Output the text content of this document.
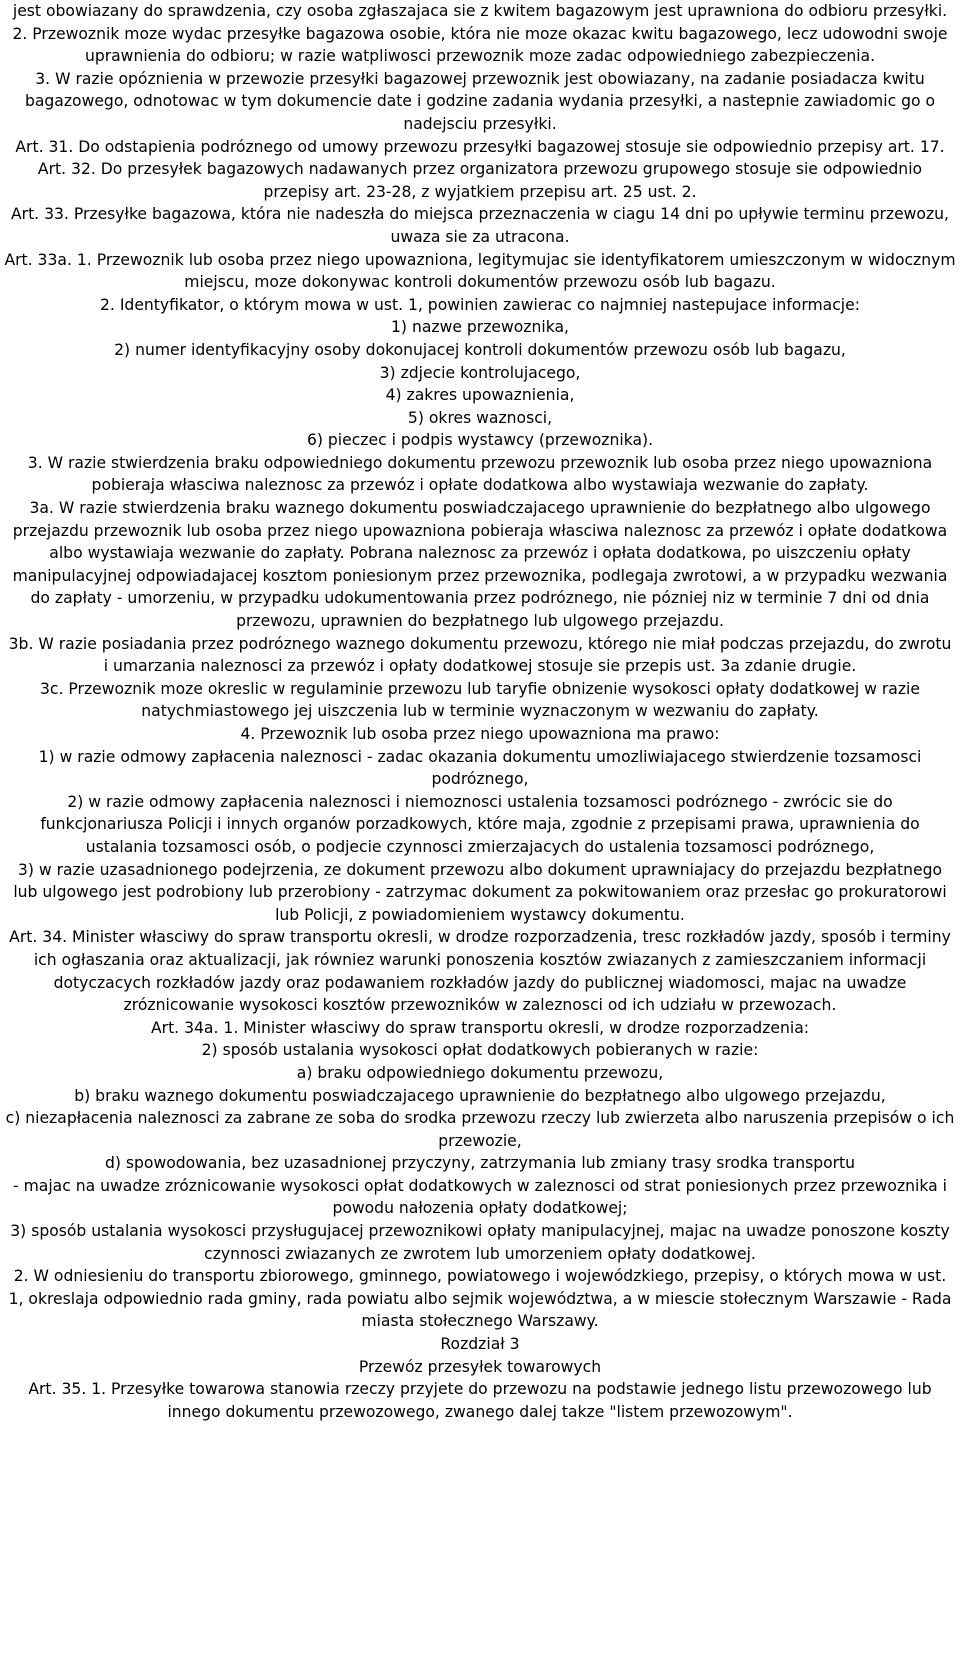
jest obowiazany do sprawdzenia, czy osoba zgłaszajaca sie z kwitem bagazowym jest uprawniona do odbioru przesyłki.

2. Przewoznik moze wydac przesyłke bagazowa osobie, która nie moze okazac kwitu bagazowego, lecz udowodni swoje uprawnienia do odbioru; w razie watpliwosci przewoznik moze zadac odpowiedniego zabezpieczenia.

3. W razie opóznienia w przewozie przesyłki bagazowej przewoznik jest obowiazany, na zadanie posiadacza kwitu bagazowego, odnotowac w tym dokumencie date i godzine zadania wydania przesyłki, a nastepnie zawiadomic go o nadejsciu przesyłki.

Art. 31. Do odstapienia podróznego od umowy przewozu przesyłki bagazowej stosuje sie odpowiednio przepisy art. 17.

Art. 32. Do przesyłek bagazowych nadawanych przez organizatora przewozu grupowego stosuje sie odpowiednio przepisy art. 23-28, z wyjatkiem przepisu art. 25 ust. 2.

Art. 33. Przesyłke bagazowa, która nie nadeszła do miejsca przeznaczenia w ciagu 14 dni po upływie terminu przewozu, uwaza sie za utracona.

Art. 33a. 1. Przewoznik lub osoba przez niego upowazniona, legitymujac sie identyfikatorem umieszczonym w widocznym miejscu, moze dokonywac kontroli dokumentów przewozu osób lub bagazu.

2. Identyfikator, o którym mowa w ust. 1, powinien zawierac co najmniej nastepujace informacje:

1) nazwe przewoznika,

2) numer identyfikacyjny osoby dokonujacej kontroli dokumentów przewozu osób lub bagazu,

3) zdjecie kontrolujacego,

4) zakres upowaznienia,

5) okres waznosci,

6) pieczec i podpis wystawcy (przewoznika).

3. W razie stwierdzenia braku odpowiedniego dokumentu przewozu przewoznik lub osoba przez niego upowazniona pobieraja własciwa naleznosc za przewóz i opłate dodatkowa albo wystawiaja wezwanie do zapłaty.

3a. W razie stwierdzenia braku waznego dokumentu poswiadczajacego uprawnienie do bezpłatnego albo ulgowego przejazdu przewoznik lub osoba przez niego upowazniona pobieraja własciwa naleznosc za przewóz i opłate dodatkowa albo wystawiaja wezwanie do zapłaty. Pobrana naleznosc za przewóz i opłata dodatkowa, po uiszczeniu opłaty manipulacyjnej odpowiadajacej kosztom poniesionym przez przewoznika, podlegaja zwrotowi, a w przypadku wezwania do zapłaty - umorzeniu, w przypadku udokumentowania przez podróznego, nie pózniej niz w terminie 7 dni od dnia przewozu, uprawnien do bezpłatnego lub ulgowego przejazdu.

3b. W razie posiadania przez podróznego waznego dokumentu przewozu, którego nie miał podczas przejazdu, do zwrotu i umarzania naleznosci za przewóz i opłaty dodatkowej stosuje sie przepis ust. 3a zdanie drugie.

3c. Przewoznik moze okreslic w regulaminie przewozu lub taryfie obnizenie wysokosci opłaty dodatkowej w razie natychmiastowego jej uiszczenia lub w terminie wyznaczonym w wezwaniu do zapłaty.

4. Przewoznik lub osoba przez niego upowazniona ma prawo:

1) w razie odmowy zapłacenia naleznosci - zadac okazania dokumentu umozliwiajacego stwierdzenie tozsamosci podróznego,

2) w razie odmowy zapłacenia naleznosci i niemoznosci ustalenia tozsamosci podróznego - zwrócic sie do funkcjonariusza Policji i innych organów porzadkowych, które maja, zgodnie z przepisami prawa, uprawnienia do ustalania tozsamosci osób, o podjecie czynnosci zmierzajacych do ustalenia tozsamosci podróznego,

3) w razie uzasadnionego podejrzenia, ze dokument przewozu albo dokument uprawniajacy do przejazdu bezpłatnego lub ulgowego jest podrobiony lub przerobiony - zatrzymac dokument za pokwitowaniem oraz przesłac go prokuratorowi lub Policji, z powiadomieniem wystawcy dokumentu.

Art. 34. Minister własciwy do spraw transportu okresli, w drodze rozporzadzenia, tresc rozkładów jazdy, sposób i terminy ich ogłaszania oraz aktualizacji, jak równiez warunki ponoszenia kosztów zwiazanych z zamieszczaniem informacji dotyczacych rozkładów jazdy oraz podawaniem rozkładów jazdy do publicznej wiadomosci, majac na uwadze zróznicowanie wysokosci kosztów przewozników w zaleznosci od ich udziału w przewozach.

Art. 34a. 1. Minister własciwy do spraw transportu okresli, w drodze rozporzadzenia:

2) sposób ustalania wysokosci opłat dodatkowych pobieranych w razie:

a) braku odpowiedniego dokumentu przewozu,

b) braku waznego dokumentu poswiadczajacego uprawnienie do bezpłatnego albo ulgowego przejazdu,

c) niezapłacenia naleznosci za zabrane ze soba do srodka przewozu rzeczy lub zwierzeta albo naruszenia przepisów o ich przewozie,

d) spowodowania, bez uzasadnionej przyczyny, zatrzymania lub zmiany trasy srodka transportu

- majac na uwadze zróznicowanie wysokosci opłat dodatkowych w zaleznosci od strat poniesionych przez przewoznika i powodu nałozenia opłaty dodatkowej;

3) sposób ustalania wysokosci przysługujacej przewoznikowi opłaty manipulacyjnej, majac na uwadze ponoszone koszty czynnosci zwiazanych ze zwrotem lub umorzeniem opłaty dodatkowej.

2. W odniesieniu do transportu zbiorowego, gminnego, powiatowego i wojewódzkiego, przepisy, o których mowa w ust. 1, okreslaja odpowiednio rada gminy, rada powiatu albo sejmik województwa, a w miescie stołecznym Warszawie - Rada miasta stołecznego Warszawy.

Rozdział 3

Przewóz przesyłek towarowych

Art. 35. 1. Przesyłke towarowa stanowia rzeczy przyjete do przewozu na podstawie jednego listu przewozowego lub innego dokumentu przewozowego, zwanego dalej takze "listem przewozowym".
